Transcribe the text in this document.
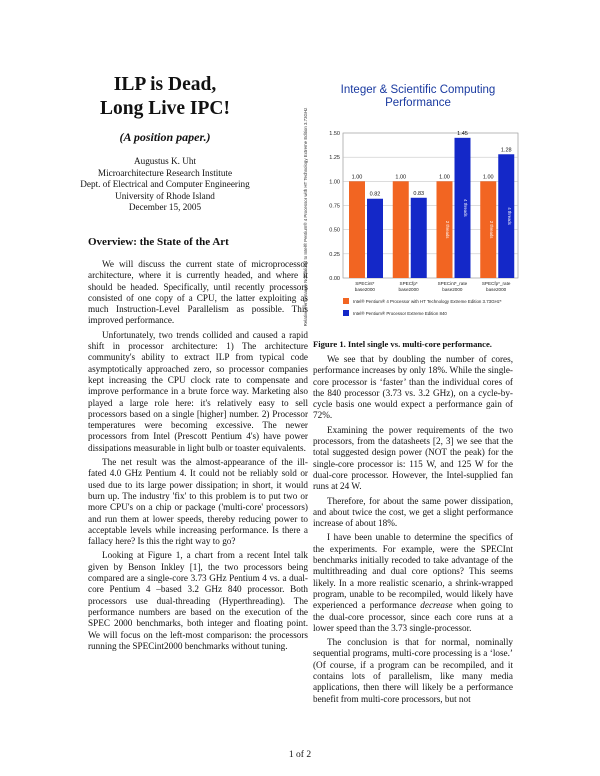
ILP is Dead,
Long Live IPC!
(A position paper.)
Augustus K. Uht
Microarchitecture Research Institute
Dept. of Electrical and Computer Engineering
University of Rhode Island
December 15, 2005
Overview: the State of the Art

We will discuss the current state of microprocessor architecture, where it is currently headed, and where it should be headed. Specifically, until recently processors consisted of one copy of a CPU, the latter exploiting as much Instruction-Level Parallelism as possible. This improved performance.

Unfortunately, two trends collided and caused a rapid shift in processor architecture: 1) The architecture community's ability to extract ILP from typical code asymptotically approached zero, so processor companies kept increasing the CPU clock rate to compensate and improve performance in a brute force way. Marketing also played a large role here: it's relatively easy to sell processors based on a single [higher] number. 2) Processor temperatures were becoming excessive. The newer processors from Intel (Prescott Pentium 4's) have power dissipations measurable in light bulb or toaster equivalents.

The net result was the almost-appearance of the ill-fated 4.0 GHz Pentium 4. It could not be reliably sold or used due to its large power dissipation; in short, it would burn up. The industry 'fix' to this problem is to put two or more CPU's on a chip or package ('multi-core' processors) and run them at lower speeds, thereby reducing power to acceptable levels while increasing performance. Is there a fallacy here? Is this the right way to go?

Looking at Figure 1, a chart from a recent Intel talk given by Benson Inkley [1], the two processors being compared are a single-core 3.73 GHz Pentium 4 vs. a dual-core Pentium 4 –based 3.2 GHz 840 processor. Both processors use dual-threading (Hyperthreading). The performance numbers are based on the execution of the SPEC 2000 benchmarks, both integer and floating point. We will focus on the left-most comparison: the processors running the SPECint2000 benchmarks without tuning.

Integer & Scientific Computing
Performance
Relative Performance Normalized to Intel® Pentium® 4 Processor with HT Technology Extreme Edition 3.73GHz	0.00
0.25
0.50
0.75
1.00
1.25
1.50
1.00
0.82
SPECint*
base2000
1.00
0.83
SPECfp*
base2000
1.00
2 threads
1.45
4 threads
SPECint*_rate
base2000
1.00
2 threads
1.28
4 threads
SPECfp*_rate
base2000
Intel® Pentium® 4 Processor with HT Technology Extreme Edition 3.73GHz*
Intel® Pentium® Processor Extreme Edition 840
Figure 1. Intel single vs. multi-core performance.

We see that by doubling the number of cores, performance increases by only 18%. While the single-core processor is ‘faster’ than the individual cores of the 840 processor (3.73 vs. 3.2 GHz), on a cycle-by-cycle basis one would expect a performance gain of 72%.

Examining the power requirements of the two processors, from the datasheets [2, 3] we see that the total suggested design power (NOT the peak) for the single-core processor is: 115 W, and 125 W for the dual-core processor. However, the Intel-supplied fan runs at 24 W.

Therefore, for about the same power dissipation, and about twice the cost, we get a slight performance increase of about 18%.

I have been unable to determine the specifics of the experiments. For example, were the SPECInt benchmarks initially recoded to take advantage of the multithreading and dual core options? This seems likely. In a more realistic scenario, a shrink-wrapped program, unable to be recompiled, would likely have experienced a performance decrease when going to the dual-core processor, since each core runs at a lower speed than the 3.73 single-processor.

The conclusion is that for normal, nominally sequential programs, multi-core processing is a ‘lose.’ (Of course, if a program can be recompiled, and it contains lots of parallelism, like many media applications, then there will likely be a performance benefit from multi-core processors, but not

1 of 2
